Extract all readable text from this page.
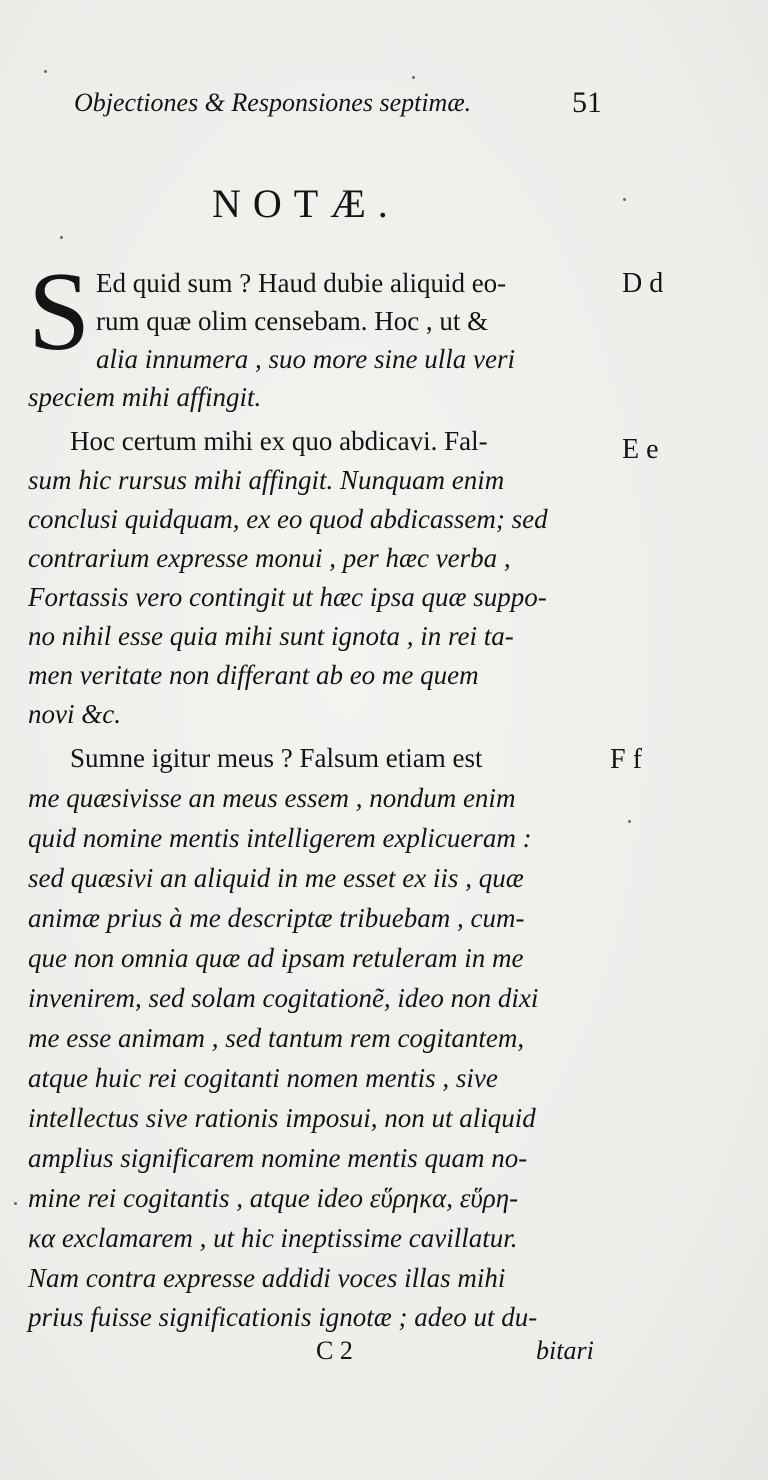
Objectiones & Responsiones septimæ.	51
NOTÆ.
S Ed quid sum ? Haud dubie aliquid eo-
rum quæ olim censebam. Hoc , ut &
alia innumera , suo more sine ulla veri
speciem mihi affingit.
Hoc certum mihi ex quo abdicavi. Fal-
sum hic rursus mihi affingit. Nunquam enim
conclusi quidquam, ex eo quod abdicassem; sed
contrarium expresse monui , per hæc verba ,
Fortassis vero contingit ut hæc ipsa quæ suppo-
no nihil esse quia mihi sunt ignota , in rei ta-
men veritate non differant ab eo me quem
novi &c.
Sumne igitur meus ? Falsum etiam est
me quæsivisse an meus essem , nondum enim
quid nomine mentis intelligerem explicueram :
sed quæsivi an aliquid in me esset ex iis , quæ
animæ prius à me descriptæ tribuebam , cum-
que non omnia quæ ad ipsam retuleram in me
invenirem, sed solam cogitationẽ, ideo non dixi
me esse animam , sed tantum rem cogitantem,
atque huic rei cogitanti nomen mentis , sive
intellectus sive rationis imposui, non ut aliquid
amplius significarem nomine mentis quam no-
mine rei cogitantis , atque ideo εὕρηκα, εὕρη-
κα exclamarem , ut hic ineptissime cavillatur.
Nam contra expresse addidi voces illas mihi
prius fuisse significationis ignotæ ; adeo ut du-
D d
E e
F f
C 2	bitari
